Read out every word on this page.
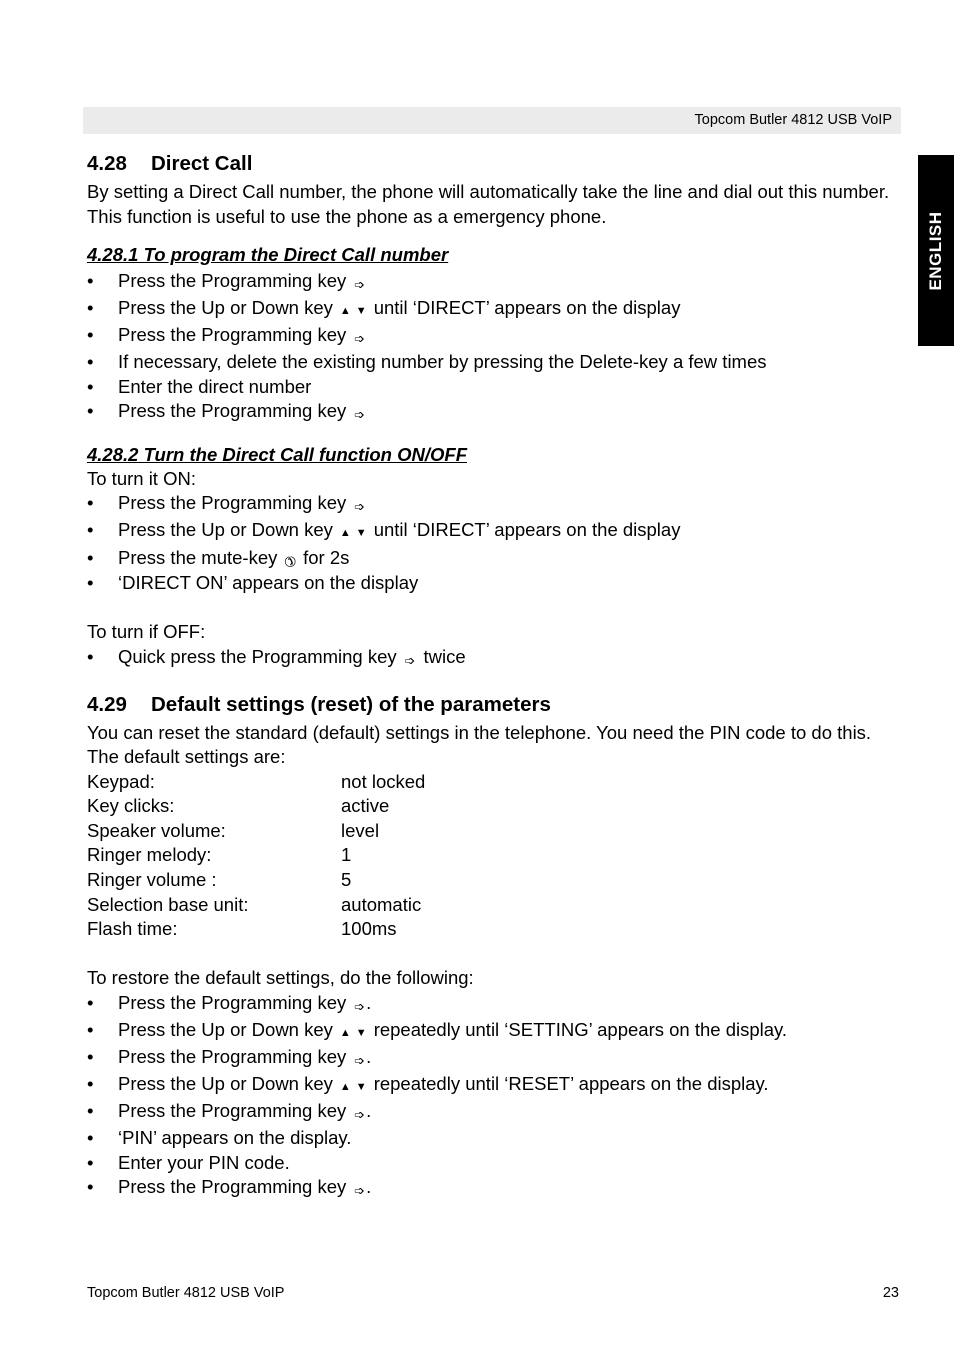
Topcom Butler 4812 USB VoIP
ENGLISH
4.28 Direct Call

By setting a Direct Call number, the phone will automatically take the line and dial out this number. This function is useful to use the phone as a emergency phone.

4.28.1 To program the Direct Call number
• Press the Programming key ➩
• Press the Up or Down key ▲ ▼ until ‘DIRECT’ appears on the display
• Press the Programming key ➩
• If necessary, delete the existing number by pressing the Delete-key a few times
• Enter the direct number
• Press the Programming key ➩
4.28.2 Turn the Direct Call function ON/OFF

To turn it ON:

• Press the Programming key ➩
• Press the Up or Down key ▲ ▼ until ‘DIRECT’ appears on the display
• Press the mute-key ✆ for 2s
• ‘DIRECT ON’ appears on the display

To turn if OFF:

• Quick press the Programming key ➩ twice
4.29 Default settings (reset) of the parameters

You can reset the standard (default) settings in the telephone. You need the PIN code to do this.

The default settings are:

Keypad:	not locked
Key clicks:	active
Speaker volume:	level
Ringer melody:	1
Ringer volume :	5
Selection base unit:	automatic
Flash time:	100ms

To restore the default settings, do the following:

• Press the Programming key ➩.
• Press the Up or Down key ▲ ▼ repeatedly until ‘SETTING’ appears on the display.
• Press the Programming key ➩.
• Press the Up or Down key ▲ ▼ repeatedly until ‘RESET’ appears on the display.
• Press the Programming key ➩.
• ‘PIN’ appears on the display.
• Enter your PIN code.
• Press the Programming key ➩.
Topcom Butler 4812 USB VoIP	23
